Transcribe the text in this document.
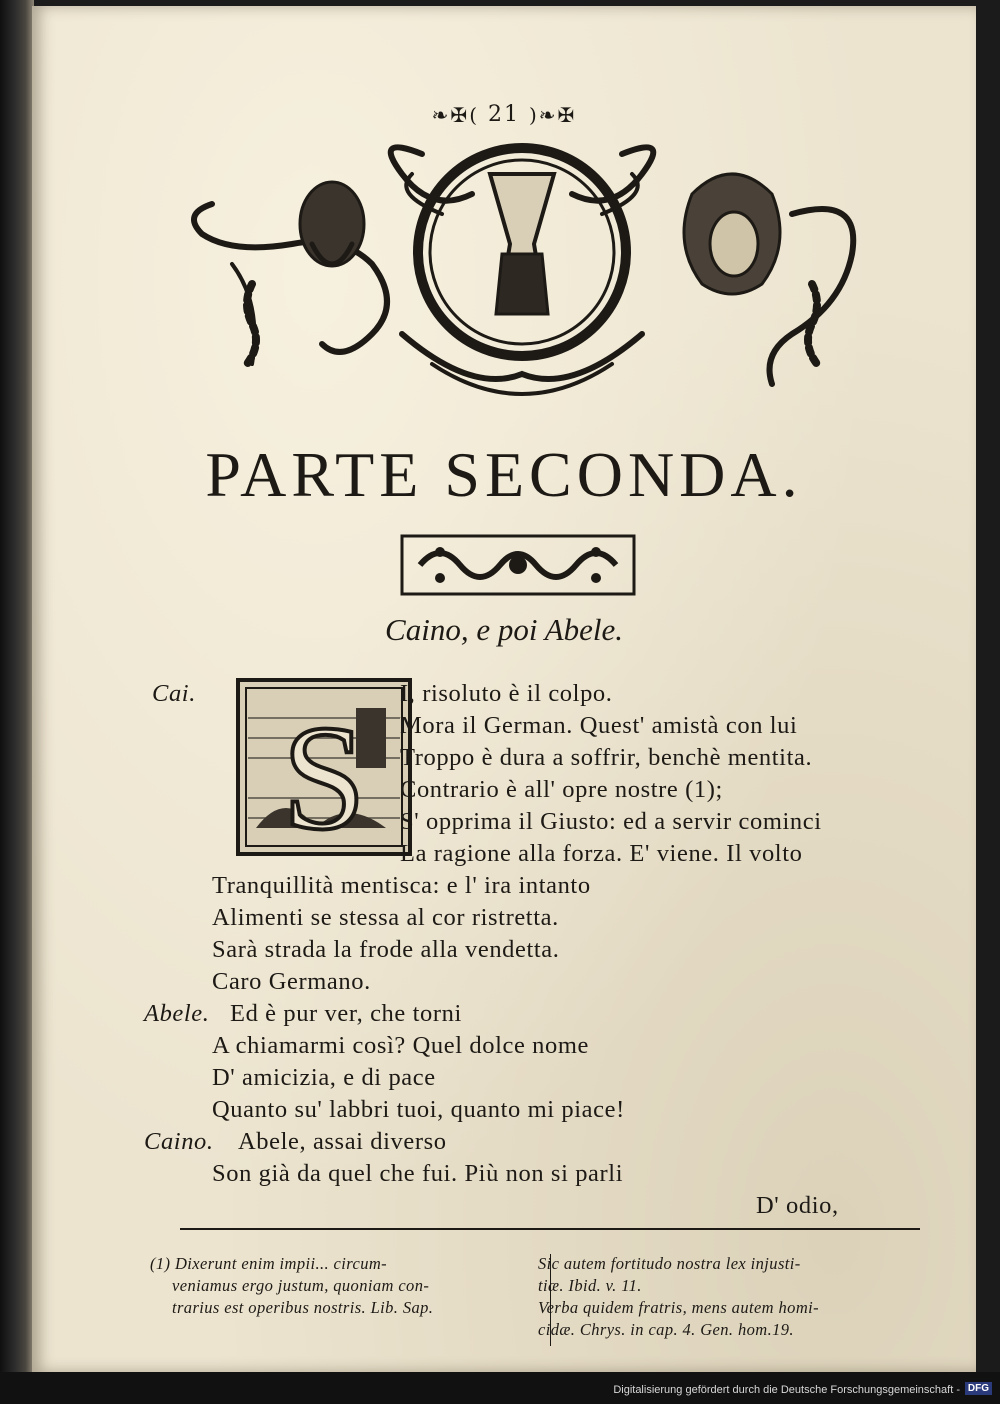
❧✠( 21 )❧✠
PARTE SECONDA.
Caino, e poi Abele.
S
Cai.	I, risoluto è il colpo.
Mora il German. Quest' amistà con lui
Troppo è dura a soffrir, benchè mentita.
Contrario è all' opre nostre (1);
S' opprima il Giusto: ed a servir cominci
La ragione alla forza. E' viene. Il volto
Tranquillità mentisca: e l' ira intanto
Alimenti se stessa al cor ristretta.
Sarà strada la frode alla vendetta.
Caro Germano.
Abele. Ed è pur ver, che torni
A chiamarmi così? Quel dolce nome
D' amicizia, e di pace
Quanto su' labbri tuoi, quanto mi piace!
Caino. Abele, assai diverso
Son già da quel che fui. Più non si parli
D' odio,
(1) Dixerunt enim impii... circum-
veniamus ergo justum, quoniam con-
trarius est operibus nostris. Lib. Sap.
Sic autem fortitudo nostra lex injusti-
tiæ. Ibid. v. 11.
Verba quidem fratris, mens autem homi-
cidæ. Chrys. in cap. 4. Gen. hom.19.
Digitalisierung gefördert durch die Deutsche Forschungsgemeinschaft - DFG
